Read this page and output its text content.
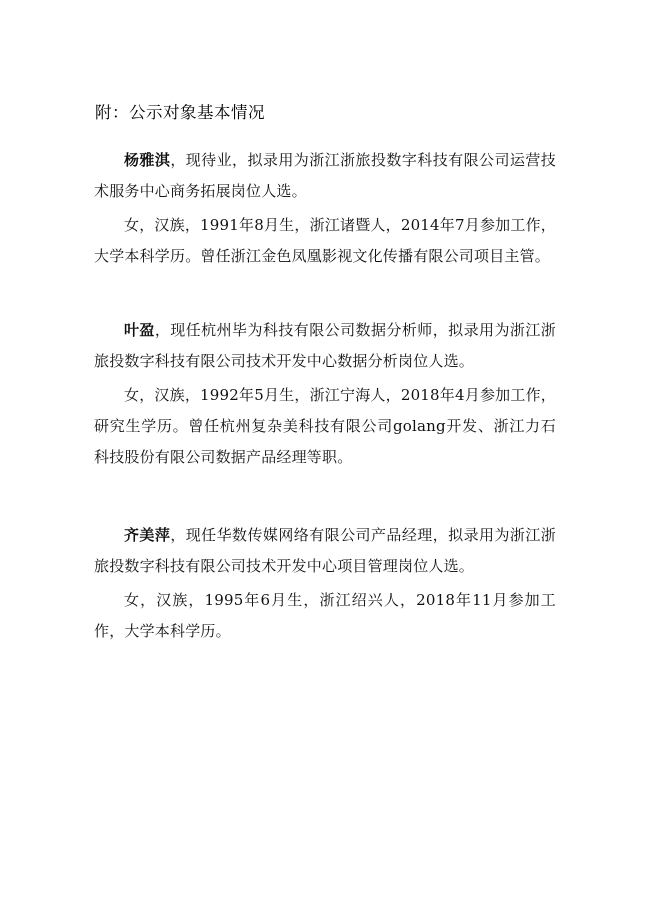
附：公示对象基本情况

杨雅淇，现待业，拟录用为浙江浙旅投数字科技有限公司运营技术服务中心商务拓展岗位人选。

女，汉族，1991年8月生，浙江诸暨人，2014年7月参加工作，大学本科学历。曾任浙江金色凤凰影视文化传播有限公司项目主管。

叶盈，现任杭州毕为科技有限公司数据分析师，拟录用为浙江浙旅投数字科技有限公司技术开发中心数据分析岗位人选。

女，汉族，1992年5月生，浙江宁海人，2018年4月参加工作，研究生学历。曾任杭州复杂美科技有限公司golang开发、浙江力石科技股份有限公司数据产品经理等职。

齐美萍，现任华数传媒网络有限公司产品经理，拟录用为浙江浙旅投数字科技有限公司技术开发中心项目管理岗位人选。

女，汉族，1995年6月生，浙江绍兴人，2018年11月参加工作，大学本科学历。
